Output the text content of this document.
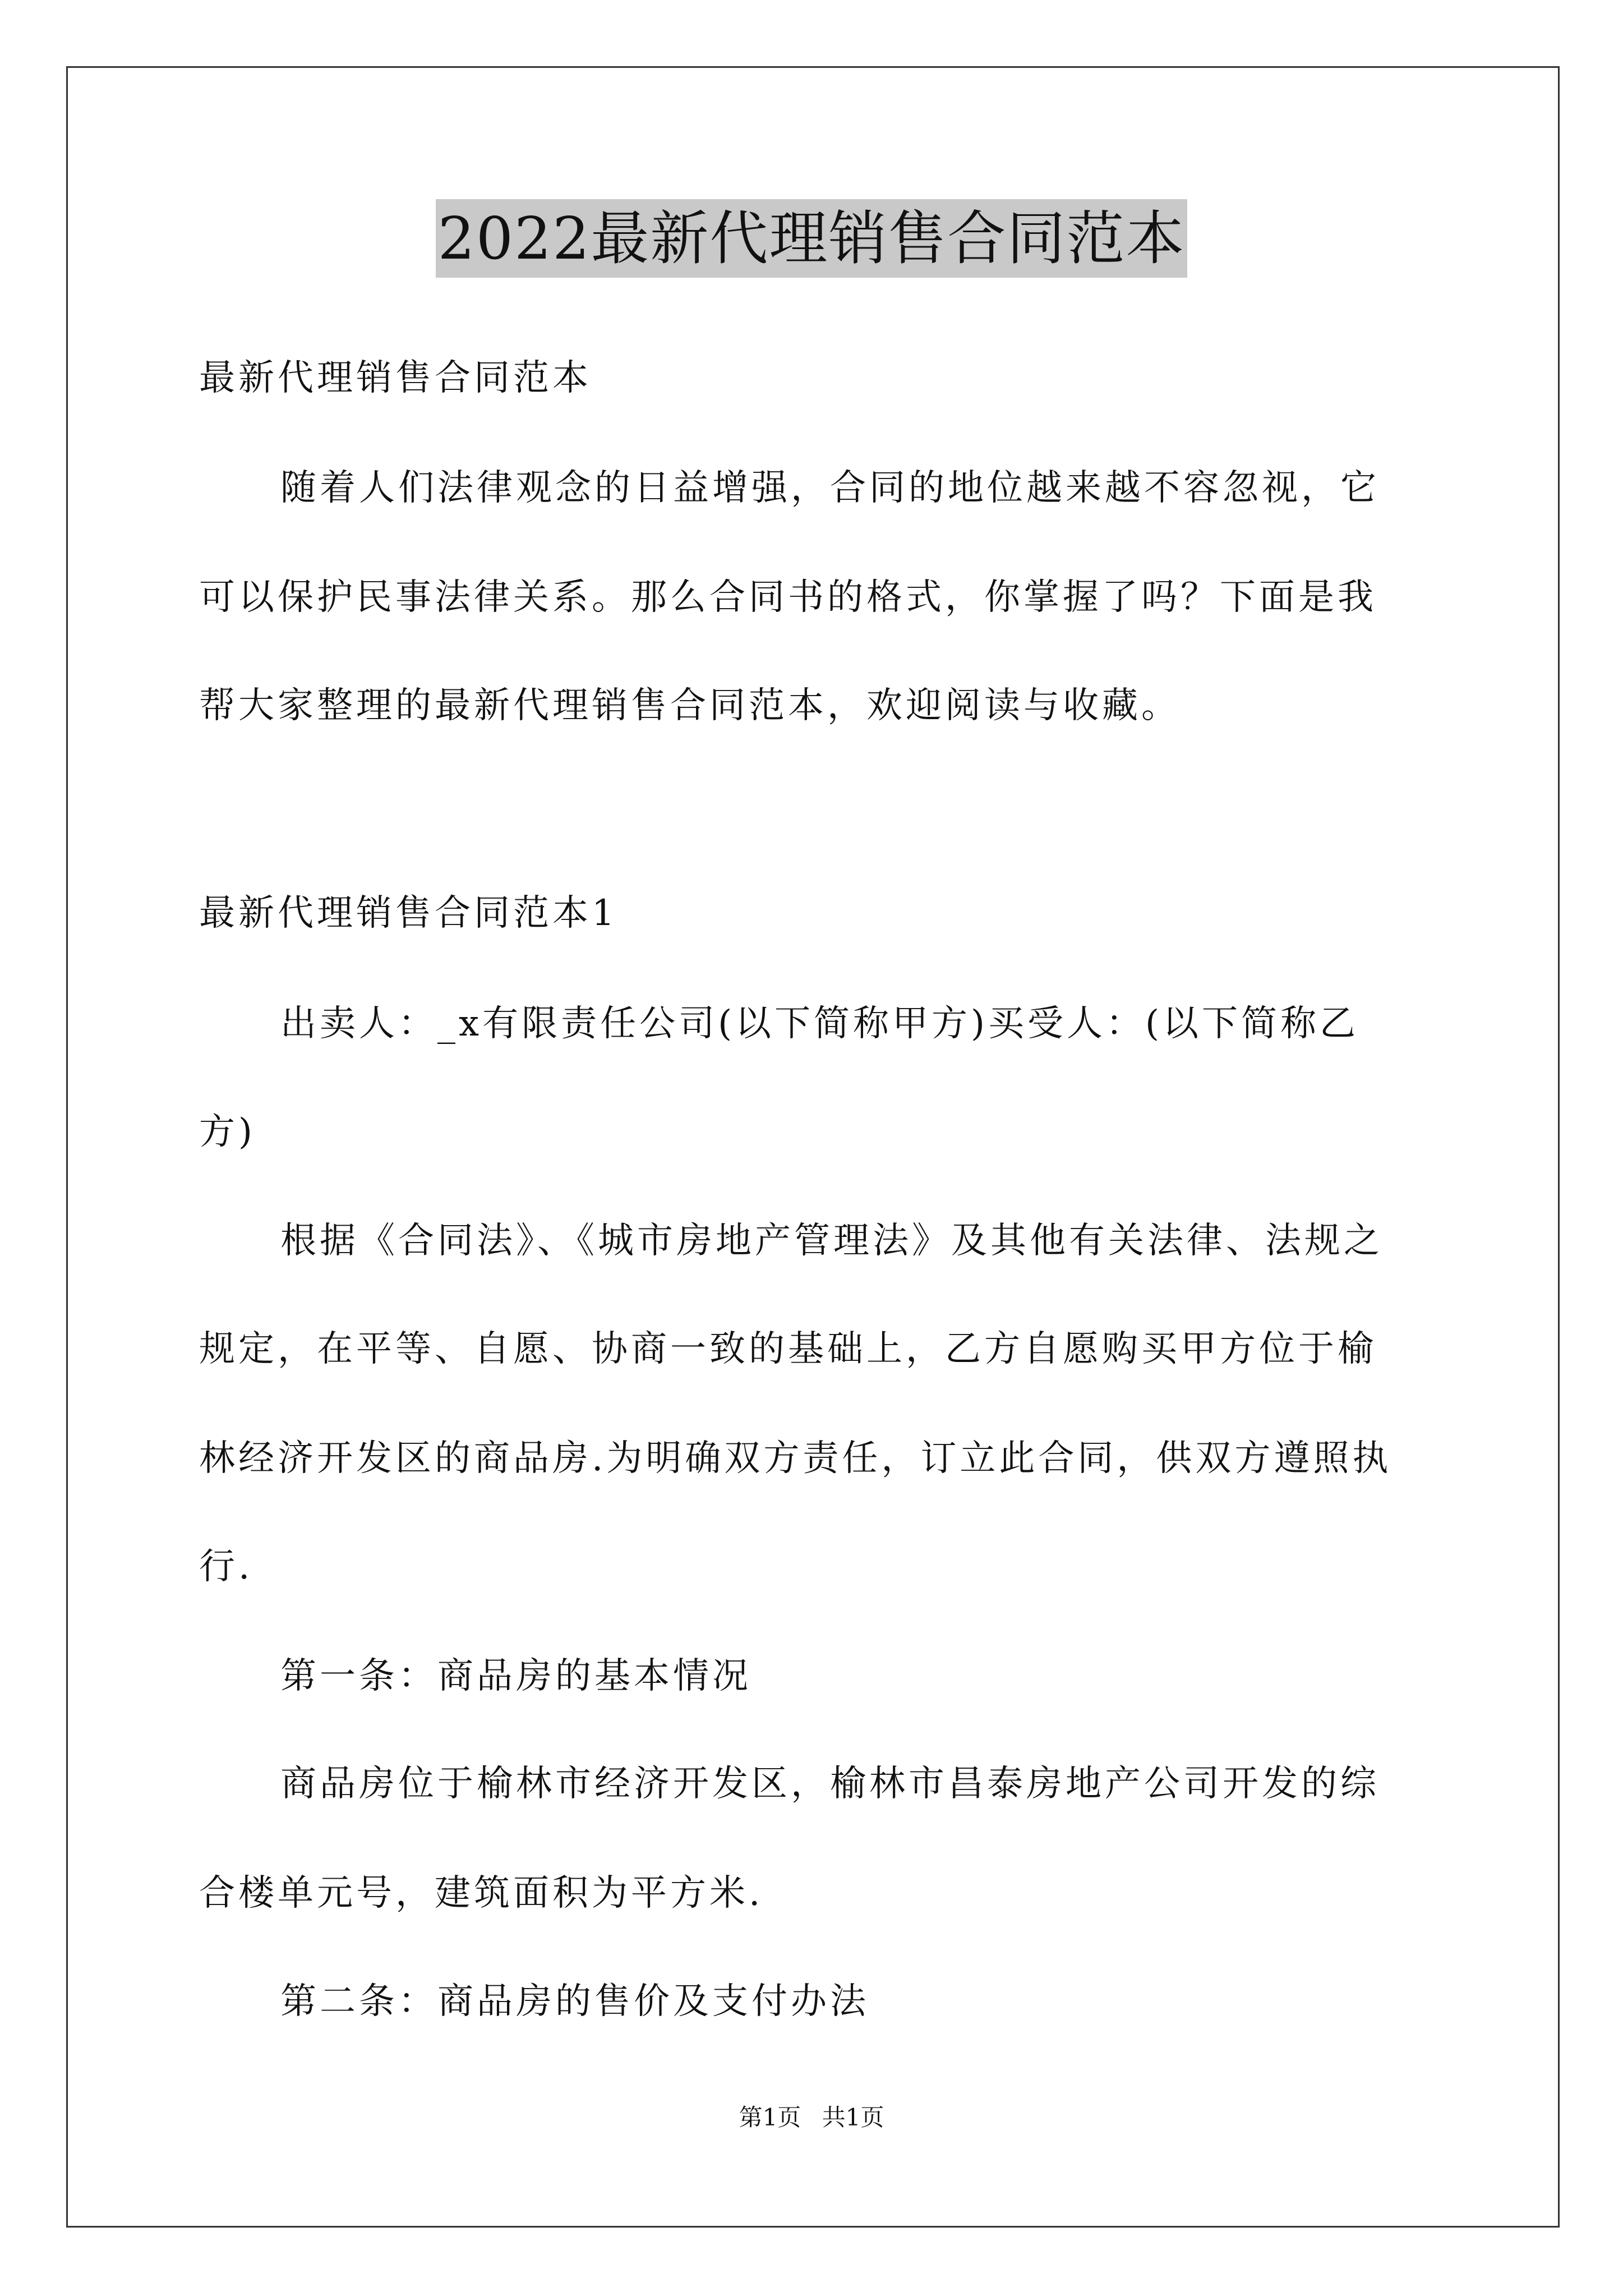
2022最新代理销售合同范本
最新代理销售合同范本
随着人们法律观念的日益增强，合同的地位越来越不容忽视，它
可以保护民事法律关系。那么合同书的格式，你掌握了吗？下面是我
帮大家整理的最新代理销售合同范本，欢迎阅读与收藏。
最新代理销售合同范本1
出卖人：_x有限责任公司(以下简称甲方)买受人：(以下简称乙
方)
根据《合同法》、《城市房地产管理法》及其他有关法律、法规之
规定，在平等、自愿、协商一致的基础上，乙方自愿购买甲方位于榆
林经济开发区的商品房.为明确双方责任，订立此合同，供双方遵照执
行.
第一条：商品房的基本情况
商品房位于榆林市经济开发区，榆林市昌泰房地产公司开发的综
合楼单元号，建筑面积为平方米.
第二条：商品房的售价及支付办法
第1页 共1页
